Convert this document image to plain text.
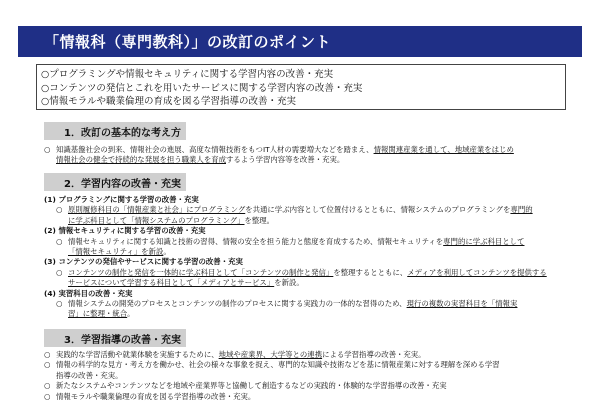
「情報科（専門教科）」の改訂のポイント
○プログラミングや情報セキュリティに関する学習内容の改善・充実
○コンテンツの発信とこれを用いたサービスに関する学習内容の改善・充実
○情報モラルや職業倫理の育成を図る学習指導の改善・充実
1．改訂の基本的な考え方
○ 知識基盤社会の到来、情報社会の進展、高度な情報技術をもつIT人材の需要増大などを踏まえ、 情報関連産業を通して、地域産業をはじめ
情報社会の健全で持続的な発展を担う職業人を育成 するよう学習内容等を改善・充実。
2．学習内容の改善・充実
(1) プログラミングに関する学習の改善・充実
○ 原則履修科目の「情報産業と社会」にプログラミング を共通に学ぶ内容として位置付けるとともに、情報システムのプログラミングを 専門的
に学ぶ科目として「情報システムのプログラミング」 を整理。
(2) 情報セキュリティに関する学習の改善・充実
○ 情報セキュリティに関する知識と技術の習得、情報の安全を担う能力と態度を育成するため、情報セキュリティを 専門的に学ぶ科目として
「情報セキュリティ」を新設 。
(3) コンテンツの発信やサービスに関する学習の改善・充実
○ コンテンツの制作と発信を一体的に学ぶ科目として「コンテンツの制作と発信」 を整理するとともに、 メディアを利用してコンテンツを提供する
サービスについて学習する科目として「メディアとサービス」 を新設。
(4) 実習科目の改善・充実
○ 情報システムの開発のプロセスとコンテンツの制作のプロセスに関する実践力の一体的な習得のため、 現行の複数の実習科目を「情報実
習」に整理・統合 。
3．学習指導の改善・充実
○ 実践的な学習活動や就業体験を実施するために、 地域や産業界、大学等との連携 による学習指導の改善・充実。
○ 情報の科学的な見方・考え方を働かせ、社会の様々な事象を捉え、専門的な知識や技術などを基に情報産業に対する理解を深める学習
指導の改善・充実。
○ 新たなシステムやコンテンツなどを地域や産業界等と協働して創造するなどの実践的・体験的な学習指導の改善・充実
○ 情報モラルや職業倫理の育成を図る学習指導の改善・充実。
